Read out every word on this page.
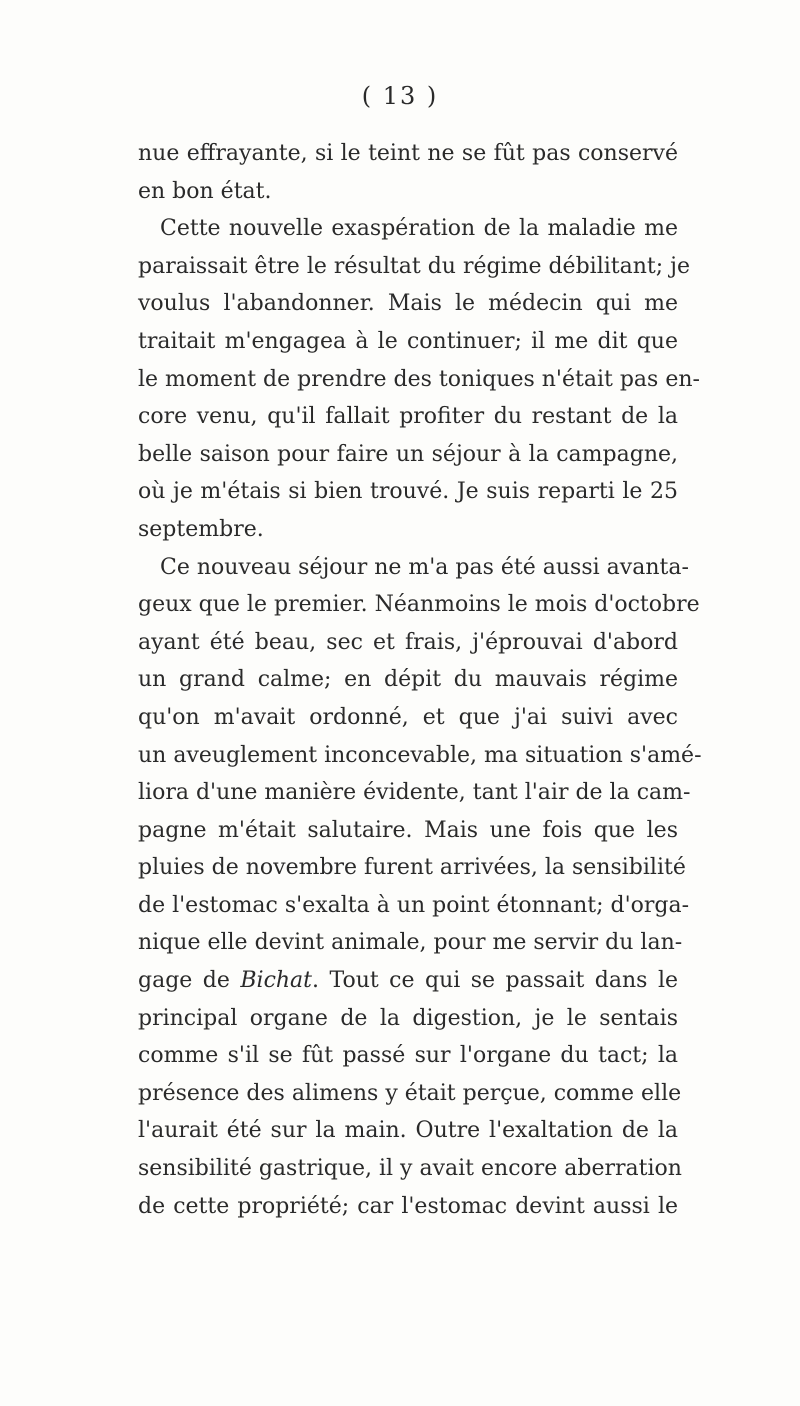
( 13 )
nue effrayante, si le teint ne se fût pas conservé
en bon état.
Cette nouvelle exaspération de la maladie me
paraissait être le résultat du régime débilitant; je
voulus l'abandonner. Mais le médecin qui me
traitait m'engagea à le continuer; il me dit que
le moment de prendre des toniques n'était pas en-
core venu, qu'il fallait profiter du restant de la
belle saison pour faire un séjour à la campagne,
où je m'étais si bien trouvé. Je suis reparti le 25
septembre.
Ce nouveau séjour ne m'a pas été aussi avanta-
geux que le premier. Néanmoins le mois d'octobre
ayant été beau, sec et frais, j'éprouvai d'abord
un grand calme; en dépit du mauvais régime
qu'on m'avait ordonné, et que j'ai suivi avec
un aveuglement inconcevable, ma situation s'amé-
liora d'une manière évidente, tant l'air de la cam-
pagne m'était salutaire. Mais une fois que les
pluies de novembre furent arrivées, la sensibilité
de l'estomac s'exalta à un point étonnant; d'orga-
nique elle devint animale, pour me servir du lan-
gage de Bichat. Tout ce qui se passait dans le
principal organe de la digestion, je le sentais
comme s'il se fût passé sur l'organe du tact; la
présence des alimens y était perçue, comme elle
l'aurait été sur la main. Outre l'exaltation de la
sensibilité gastrique, il y avait encore aberration
de cette propriété; car l'estomac devint aussi le
